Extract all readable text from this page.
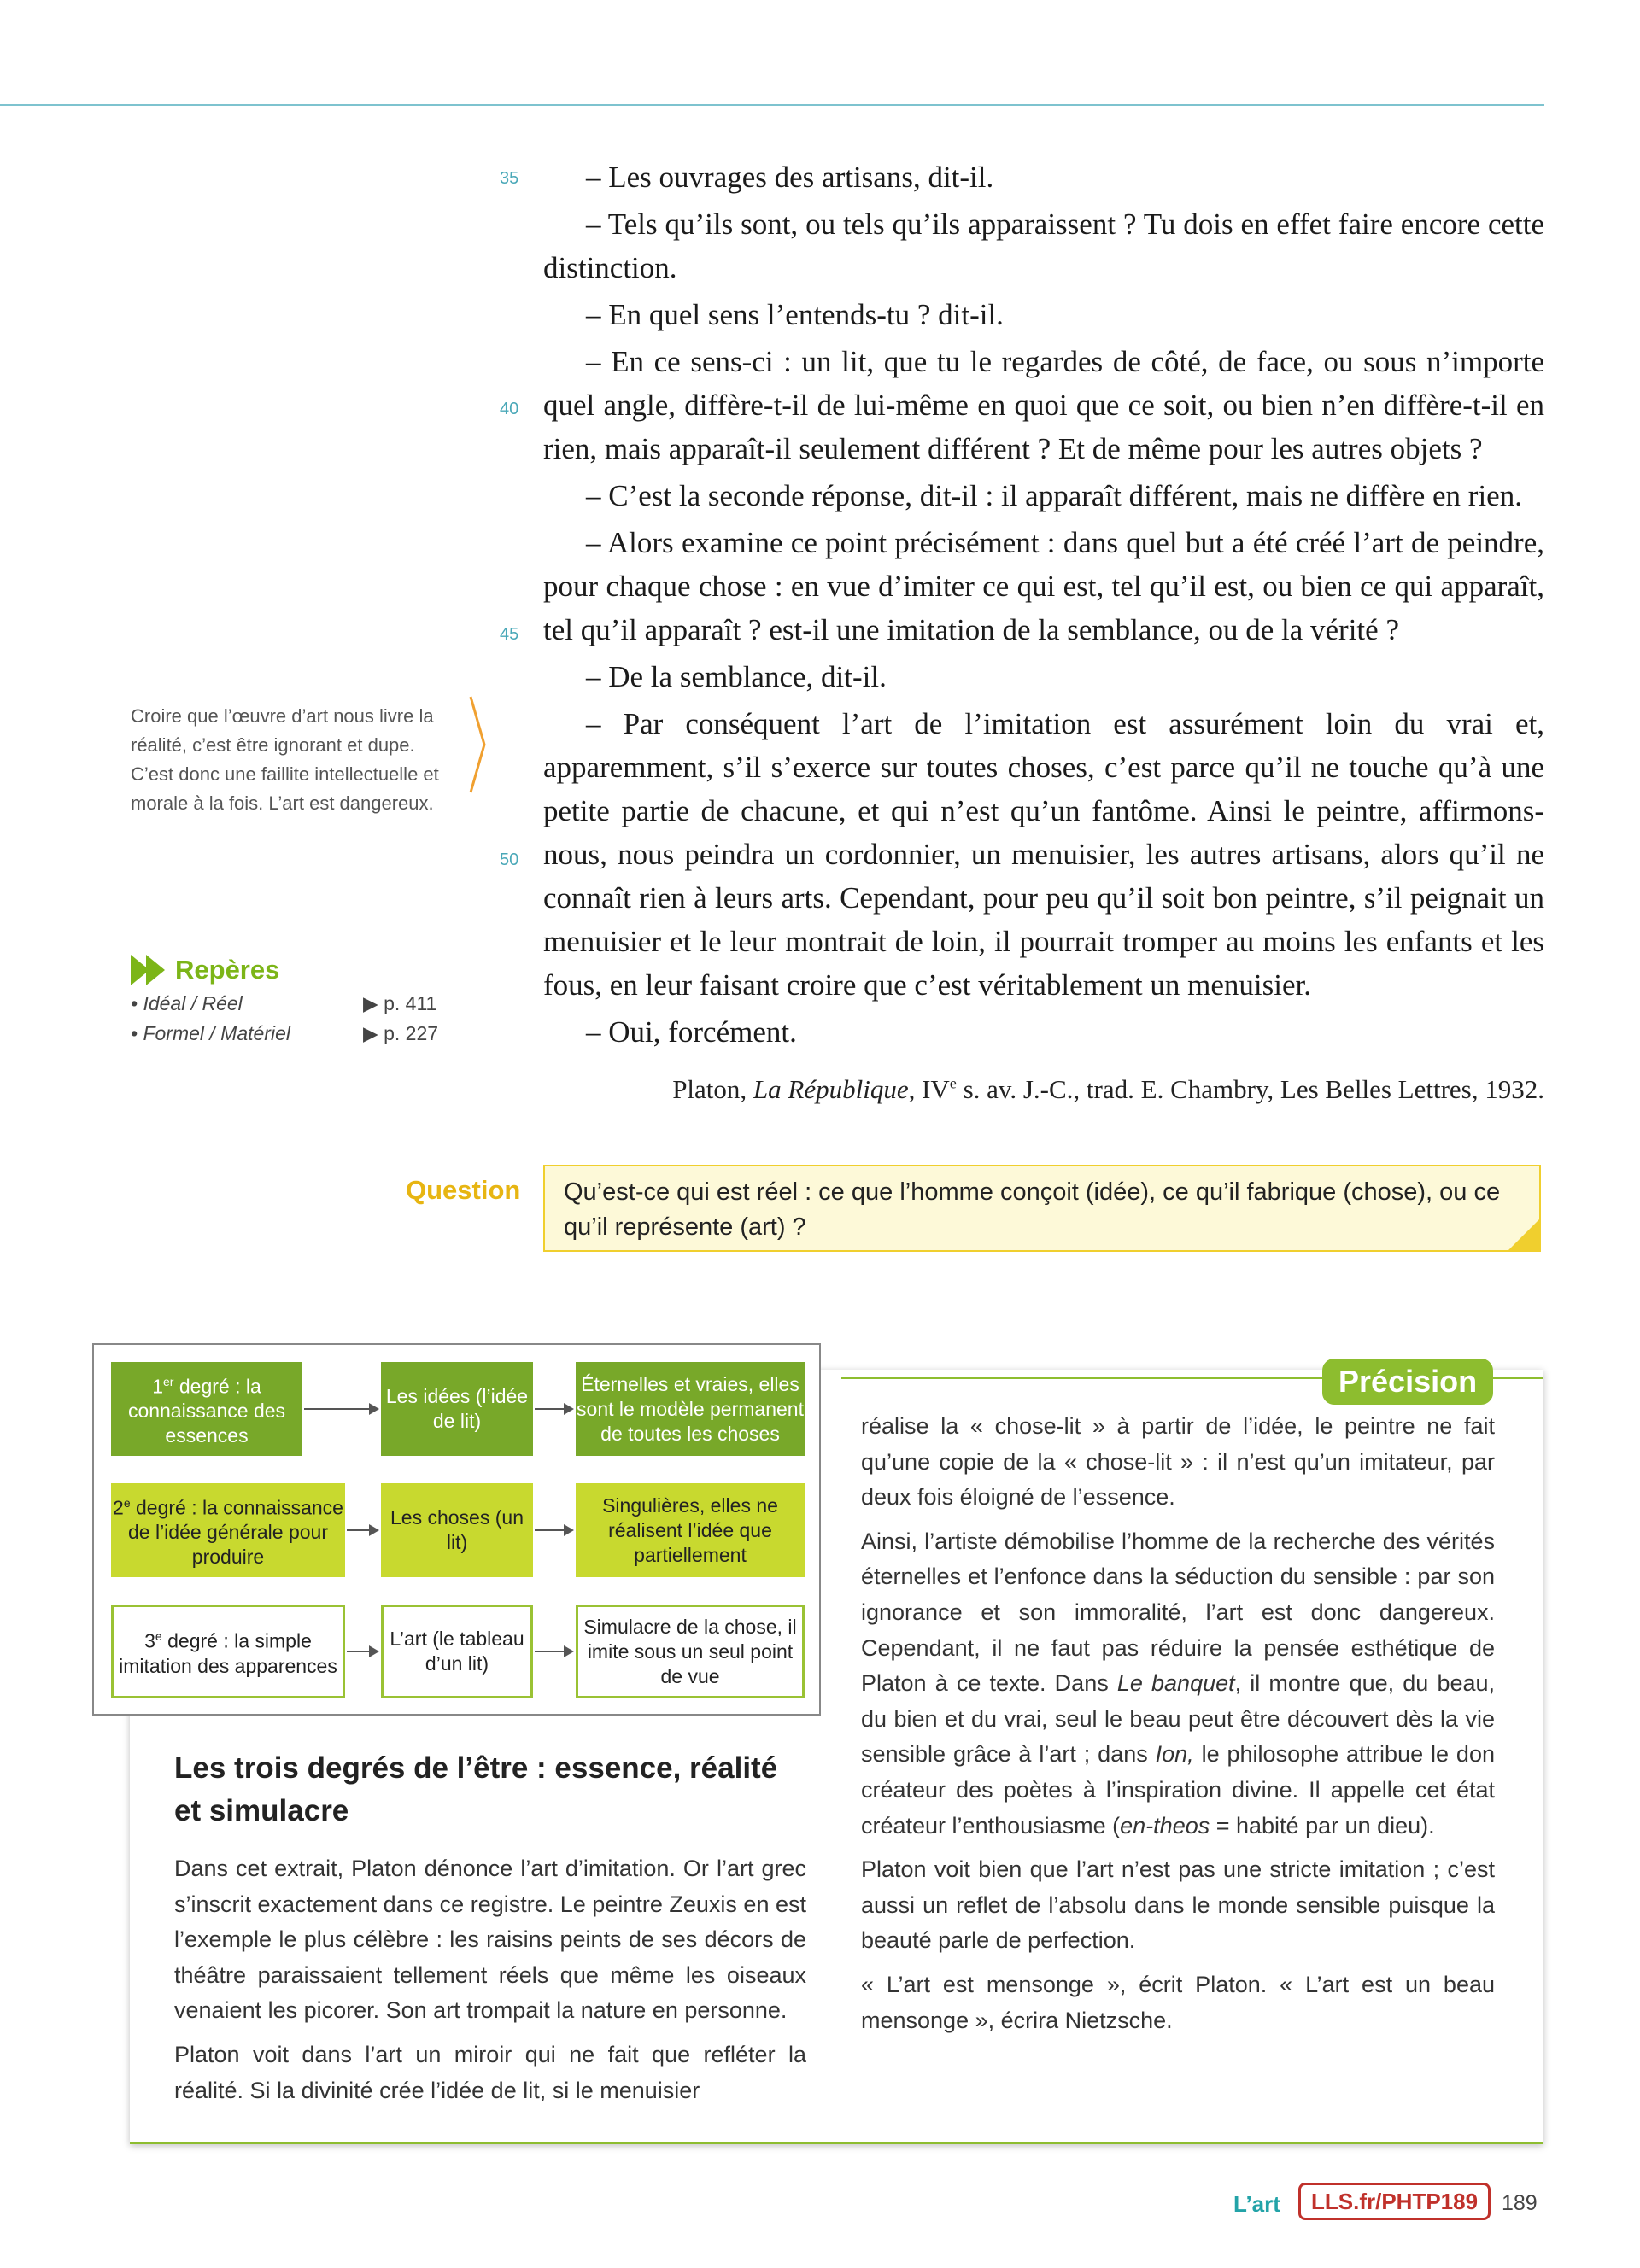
35
40
45
50

– Les ouvrages des artisans, dit-il.

– Tels qu’ils sont, ou tels qu’ils apparaissent ? Tu dois en effet faire encore cette distinction.

– En quel sens l’entends-tu ? dit-il.

– En ce sens-ci : un lit, que tu le regardes de côté, de face, ou sous n’importe quel angle, diffère-t-il de lui-même en quoi que ce soit, ou bien n’en diffère-t-il en rien, mais apparaît-il seulement différent ? Et de même pour les autres objets ?

– C’est la seconde réponse, dit-il : il apparaît différent, mais ne diffère en rien.

– Alors examine ce point précisément : dans quel but a été créé l’art de peindre, pour chaque chose : en vue d’imiter ce qui est, tel qu’il est, ou bien ce qui apparaît, tel qu’il apparaît ? est-il une imitation de la semblance, ou de la vérité ?

– De la semblance, dit-il.

– Par conséquent l’art de l’imitation est assurément loin du vrai et, apparemment, s’il s’exerce sur toutes choses, c’est parce qu’il ne touche qu’à une petite partie de chacune, et qui n’est qu’un fantôme. Ainsi le peintre, affirmons-nous, nous peindra un cordonnier, un menuisier, les autres artisans, alors qu’il ne connaît rien à leurs arts. Cependant, pour peu qu’il soit bon peintre, s’il peignait un menuisier et le leur montrait de loin, il pourrait tromper au moins les enfants et les fous, en leur faisant croire que c’est véritablement un menuisier.

– Oui, forcément.

Platon, La République, IVe s. av. J.-C., trad. E. Chambry, Les Belles Lettres, 1932.
Croire que l’œuvre d’art nous livre la réalité, c’est être ignorant et dupe. C’est donc une faillite intellectuelle et morale à la fois. L’art est dangereux.
Repères
• Idéal / Réel	▶ p. 411
• Formel / Matériel	▶ p. 227
Question	Qu’est-ce qui est réel : ce que l’homme conçoit (idée), ce qu’il fabrique (chose), ou ce qu’il représente (art) ?
Précision
1er degré : la connaissance des essences
Les idées (l’idée de lit)
Éternelles et vraies, elles sont le modèle permanent de toutes les choses
2e degré : la connaissance de l’idée générale pour produire
Les choses (un lit)
Singulières, elles ne réalisent l’idée que partiellement
3e degré : la simple imitation des apparences
L’art (le tableau d’un lit)
Simulacre de la chose, il imite sous un seul point de vue
Les trois degrés de l’être : essence, réalité et simulacre

Dans cet extrait, Platon dénonce l’art d’imitation. Or l’art grec s’inscrit exactement dans ce registre. Le peintre Zeuxis en est l’exemple le plus célèbre : les raisins peints de ses décors de théâtre paraissaient tellement réels que même les oiseaux venaient les picorer. Son art trompait la nature en personne.

Platon voit dans l’art un miroir qui ne fait que refléter la réalité. Si la divinité crée l’idée de lit, si le menuisier

réalise la « chose-lit » à partir de l’idée, le peintre ne fait qu’une copie de la « chose-lit » : il n’est qu’un imitateur, par deux fois éloigné de l’essence.

Ainsi, l’artiste démobilise l’homme de la recherche des vérités éternelles et l’enfonce dans la séduction du sensible : par son ignorance et son immoralité, l’art est donc dangereux. Cependant, il ne faut pas réduire la pensée esthétique de Platon à ce texte. Dans Le banquet, il montre que, du beau, du bien et du vrai, seul le beau peut être découvert dès la vie sensible grâce à l’art ; dans Ion, le philosophe attribue le don créateur des poètes à l’inspiration divine. Il appelle cet état créateur l’enthousiasme (en-theos = habité par un dieu).

Platon voit bien que l’art n’est pas une stricte imitation ; c’est aussi un reflet de l’absolu dans le monde sensible puisque la beauté parle de perfection.

« L’art est mensonge », écrit Platon. « L’art est un beau mensonge », écrira Nietzsche.

L’art	LLS.fr/PHTP189	189
